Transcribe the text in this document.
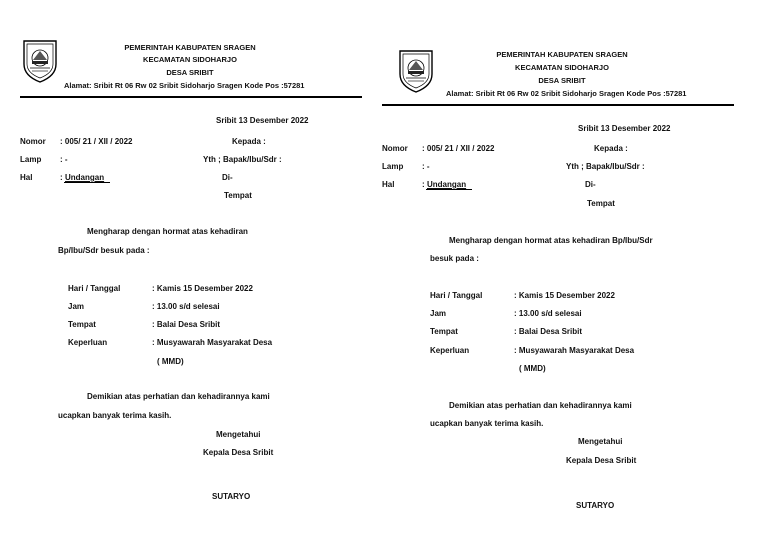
PEMERINTAH KABUPATEN SRAGEN
KECAMATAN SIDOHARJO
DESA SRIBIT
Alamat: Sribit Rt 06 Rw 02 Sribit Sidoharjo Sragen Kode Pos :57281
Sribit 13 Desember 2022
Nomor : 005/ 21 / XII / 2022	Kepada :
Lamp : -	Yth ; Bapak/Ibu/Sdr :
Hal	: Undangan	Di-
Tempat
Mengharap dengan hormat atas kehadiran
Bp/Ibu/Sdr besuk pada :
Hari / Tanggal	: Kamis 15 Desember 2022
Jam	: 13.00 s/d selesai
Tempat	: Balai Desa Sribit
Keperluan	: Musyawarah Masyarakat Desa
( MMD)
Demikian atas perhatian dan kehadirannya kami
ucapkan banyak terima kasih.
Mengetahui
Kepala Desa Sribit
SUTARYO
PEMERINTAH KABUPATEN SRAGEN
KECAMATAN SIDOHARJO
DESA SRIBIT
Alamat: Sribit Rt 06 Rw 02 Sribit Sidoharjo Sragen Kode Pos :57281
Sribit 13 Desember 2022
Nomor : 005/ 21 / XII / 2022	Kepada :
Lamp : -	Yth ; Bapak/Ibu/Sdr :
Hal	: Undangan	Di-
Tempat
Mengharap dengan hormat atas kehadiran Bp/Ibu/Sdr
besuk pada :
Hari / Tanggal	: Kamis 15 Desember 2022
Jam	: 13.00 s/d selesai
Tempat	: Balai Desa Sribit
Keperluan	: Musyawarah Masyarakat Desa
( MMD)
Demikian atas perhatian dan kehadirannya kami
ucapkan banyak terima kasih.
Mengetahui
Kepala Desa Sribit
SUTARYO
